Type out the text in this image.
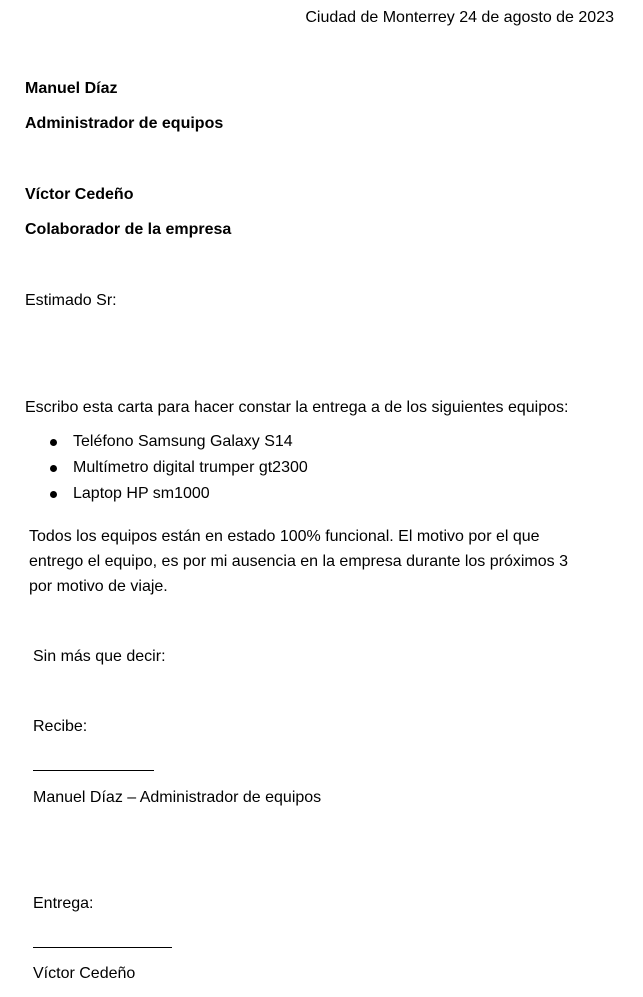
Ciudad de Monterrey 24 de agosto de 2023
Manuel Díaz
Administrador de equipos
Víctor Cedeño
Colaborador de la empresa
Estimado Sr:
Escribo esta carta para hacer constar la entrega a de los siguientes equipos:
Teléfono Samsung Galaxy S14
Multímetro digital trumper gt2300
Laptop HP sm1000
Todos los equipos están en estado 100% funcional. El motivo por el que
entrego el equipo, es por mi ausencia en la empresa durante los próximos 3
por motivo de viaje.
Sin más que decir:
Recibe:
Manuel Díaz – Administrador de equipos
Entrega:
Víctor Cedeño
